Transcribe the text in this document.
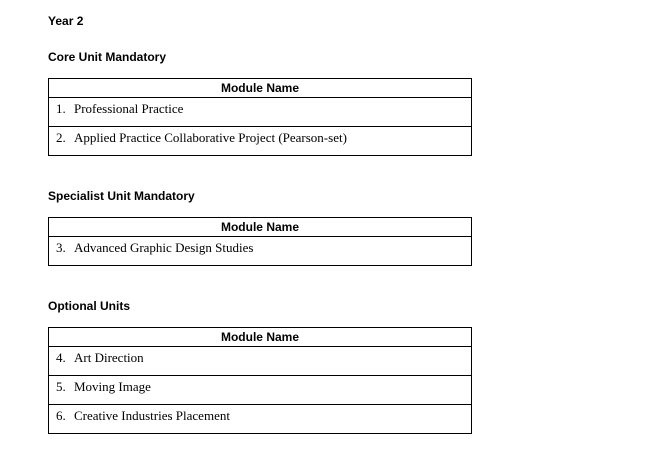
Year 2
Core Unit Mandatory
Module Name
1. Professional Practice
2. Applied Practice Collaborative Project (Pearson-set)
Specialist Unit Mandatory
Module Name
3. Advanced Graphic Design Studies
Optional Units
Module Name
4. Art Direction
5. Moving Image
6. Creative Industries Placement
